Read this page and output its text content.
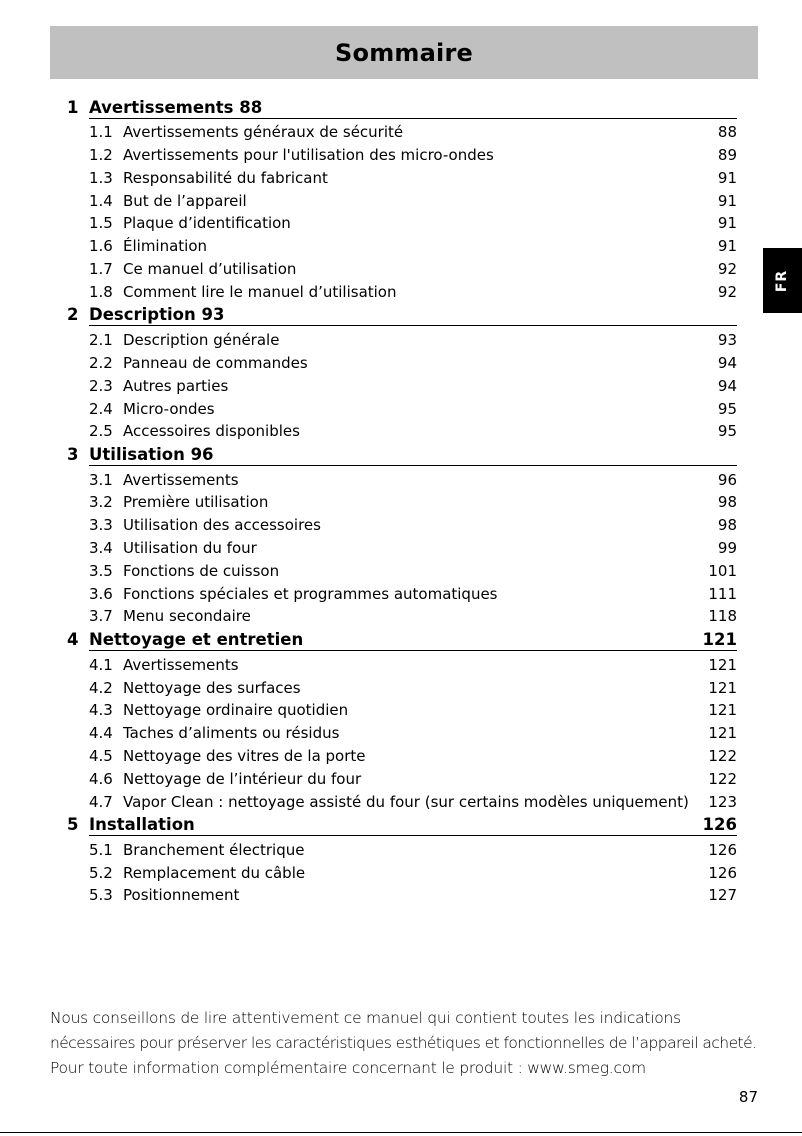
Sommaire
FR
1 Avertissements 88
1.1 Avertissements généraux de sécurité	88
1.2 Avertissements pour l'utilisation des micro-ondes	89
1.3 Responsabilité du fabricant	91
1.4 But de l’appareil	91
1.5 Plaque d’identification	91
1.6 Élimination	91
1.7 Ce manuel d’utilisation	92
1.8 Comment lire le manuel d’utilisation	92
2 Description 93
2.1 Description générale	93
2.2 Panneau de commandes	94
2.3 Autres parties	94
2.4 Micro-ondes	95
2.5 Accessoires disponibles	95
3 Utilisation 96
3.1 Avertissements	96
3.2 Première utilisation	98
3.3 Utilisation des accessoires	98
3.4 Utilisation du four	99
3.5 Fonctions de cuisson	101
3.6 Fonctions spéciales et programmes automatiques	111
3.7 Menu secondaire	118
4 Nettoyage et entretien	121
4.1 Avertissements	121
4.2 Nettoyage des surfaces	121
4.3 Nettoyage ordinaire quotidien	121
4.4 Taches d’aliments ou résidus	121
4.5 Nettoyage des vitres de la porte	122
4.6 Nettoyage de l’intérieur du four	122
4.7 Vapor Clean : nettoyage assisté du four (sur certains modèles uniquement) 123
5 Installation	126
5.1 Branchement électrique	126
5.2 Remplacement du câble	126
5.3 Positionnement	127

Nous conseillons de lire attentivement ce manuel qui contient toutes les indications

nécessaires pour préserver les caractéristiques esthétiques et fonctionnelles de l’appareil acheté.

Pour toute information complémentaire concernant le produit : www.smeg.com

87
